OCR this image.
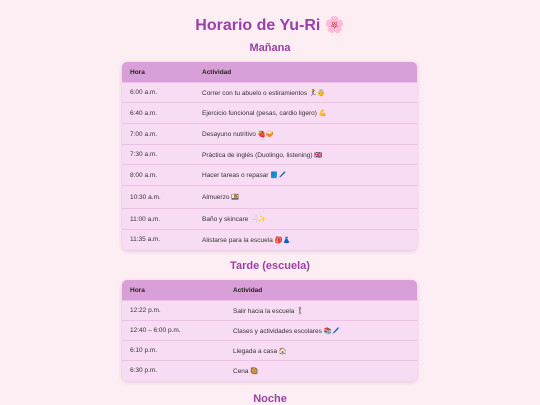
Horario de Yu-Ri 🌸
Mañana
Hora	Actividad
6:00 a.m.	Correr con tu abuelo o estiramientos 🏃‍♀️👵
6:40 a.m.	Ejercicio funcional (pesas, cardio ligero) 💪
7:00 a.m.	Desayuno nutritivo 🍓🥪
7:30 a.m.	Práctica de inglés (Duolingo, listening) 🇬🇧
8:00 a.m.	Hacer tareas o repasar 📘🖊️
10:30 a.m.	Almuerzo 🍱
11:00 a.m.	Baño y skincare 🛁✨
11:35 a.m.	Alistarse para la escuela 🎒👗
Tarde (escuela)
Hora	Actividad
12:22 p.m.	Salir hacia la escuela 🚶‍♀️
12:40 – 6:00 p.m.	Clases y actividades escolares 📚🖊️
6:10 p.m.	Llegada a casa 🏠
6:30 p.m.	Cena 🥘
Noche
